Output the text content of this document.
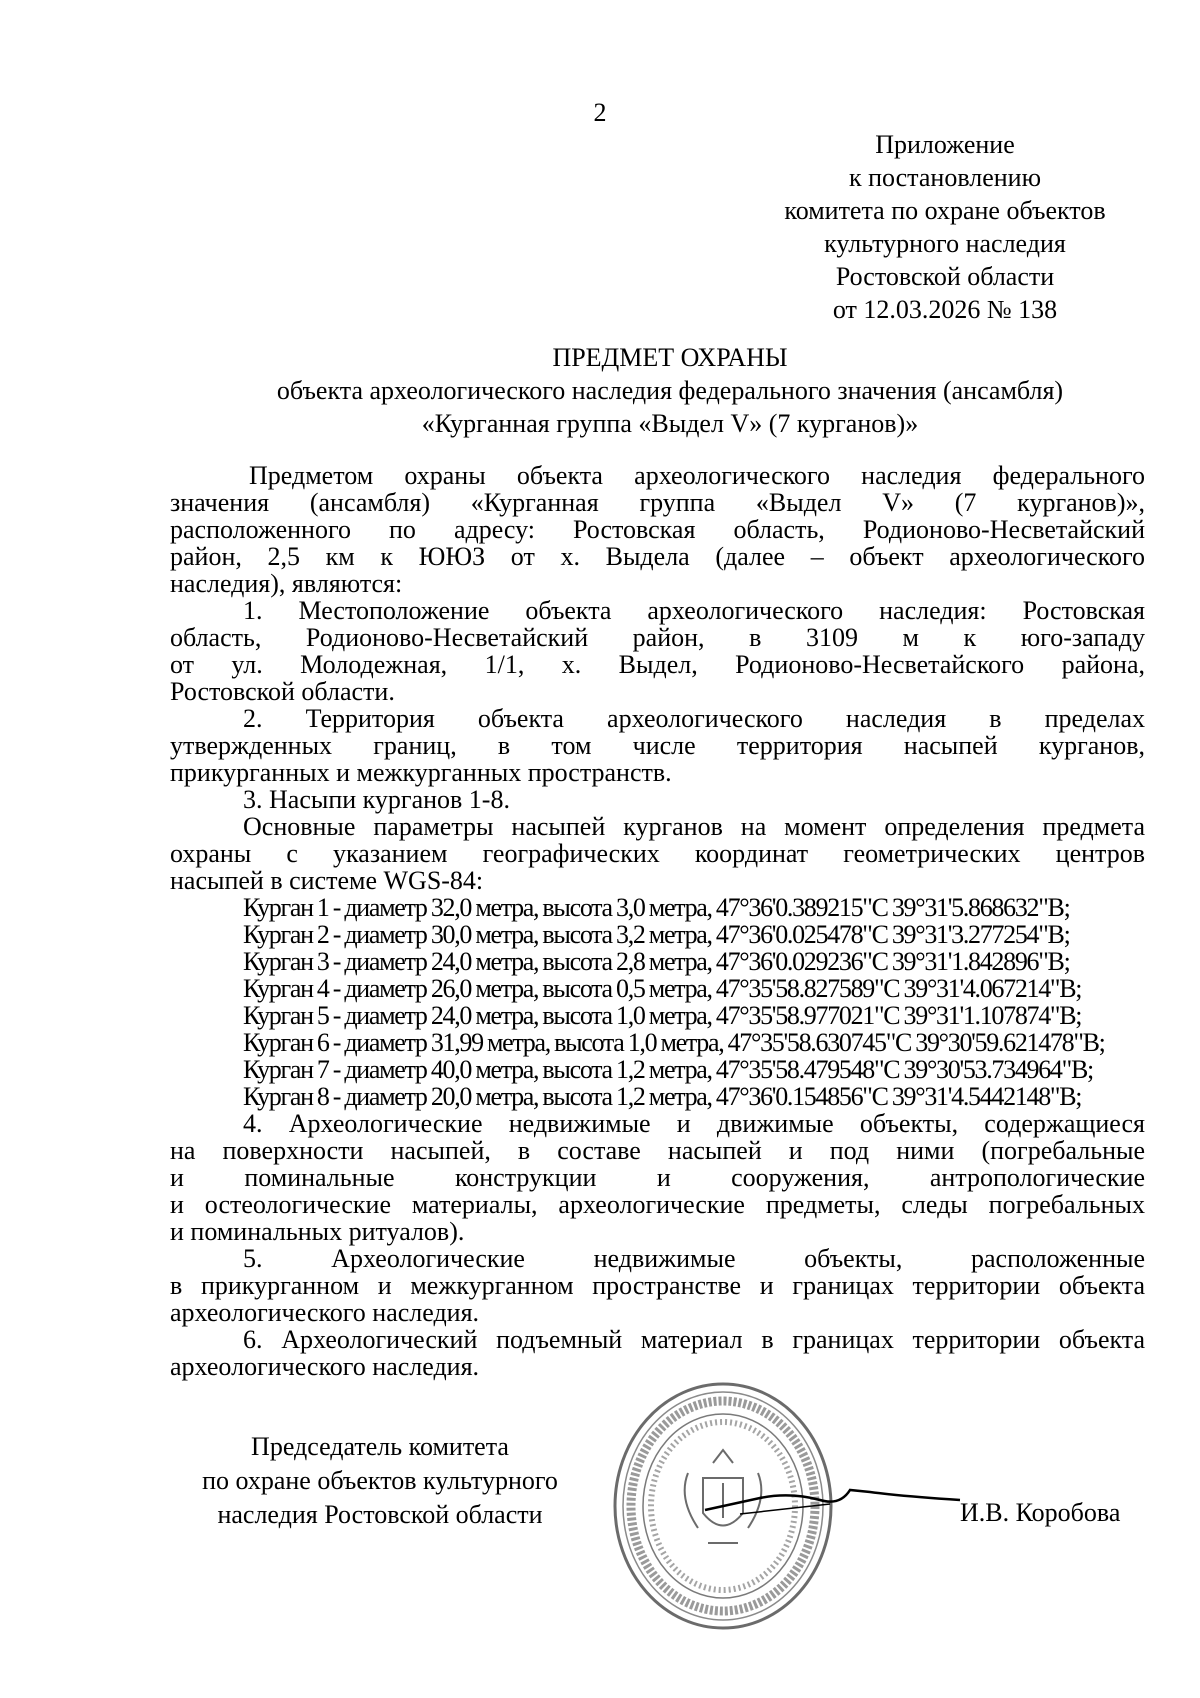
2
Приложение
к постановлению
комитета по охране объектов
культурного наследия
Ростовской области
от 12.03.2026 № 138
ПРЕДМЕТ ОХРАНЫ
объекта археологического наследия федерального значения (ансамбля)
«Курганная группа «Выдел V» (7 курганов)»
Предметом охраны объекта археологического наследия федерального
значения (ансамбля) «Курганная группа «Выдел V» (7 курганов)»,
расположенного по адресу: Ростовская область, Родионово-Несветайский
район, 2,5 км к ЮЮЗ от х. Выдела (далее – объект археологического
наследия), являются:
1. Местоположение объекта археологического наследия: Ростовская
область, Родионово-Несветайский район, в 3109 м к юго-западу
от ул. Молодежная, 1/1, х. Выдел, Родионово-Несветайского района,
Ростовской области.
2. Территория объекта археологического наследия в пределах
утвержденных границ, в том числе территория насыпей курганов,
прикурганных и межкурганных пространств.
3. Насыпи курганов 1-8.
Основные параметры насыпей курганов на момент определения предмета
охраны с указанием географических координат геометрических центров
насыпей в системе WGS-84:
Курган 1 - диаметр 32,0 метра, высота 3,0 метра, 47°36'0.389215"С 39°31'5.868632"В;
Курган 2 - диаметр 30,0 метра, высота 3,2 метра, 47°36'0.025478"С 39°31'3.277254"В;
Курган 3 - диаметр 24,0 метра, высота 2,8 метра, 47°36'0.029236"С 39°31'1.842896"В;
Курган 4 - диаметр 26,0 метра, высота 0,5 метра, 47°35'58.827589"С 39°31'4.067214"В;
Курган 5 - диаметр 24,0 метра, высота 1,0 метра, 47°35'58.977021"С 39°31'1.107874"В;
Курган 6 - диаметр 31,99 метра, высота 1,0 метра, 47°35'58.630745"С 39°30'59.621478"В;
Курган 7 - диаметр 40,0 метра, высота 1,2 метра, 47°35'58.479548"С 39°30'53.734964"В;
Курган 8 - диаметр 20,0 метра, высота 1,2 метра, 47°36'0.154856"С 39°31'4.5442148"В;
4. Археологические недвижимые и движимые объекты, содержащиеся
на поверхности насыпей, в составе насыпей и под ними (погребальные
и поминальные конструкции и сооружения, антропологические
и остеологические материалы, археологические предметы, следы погребальных
и поминальных ритуалов).
5. Археологические недвижимые объекты, расположенные
в прикурганном и межкурганном пространстве и границах территории объекта
археологического наследия.
6. Археологический подъемный материал в границах территории объекта
археологического наследия.
Председатель комитета
по охране объектов культурного
наследия Ростовской области	И.В. Коробова
